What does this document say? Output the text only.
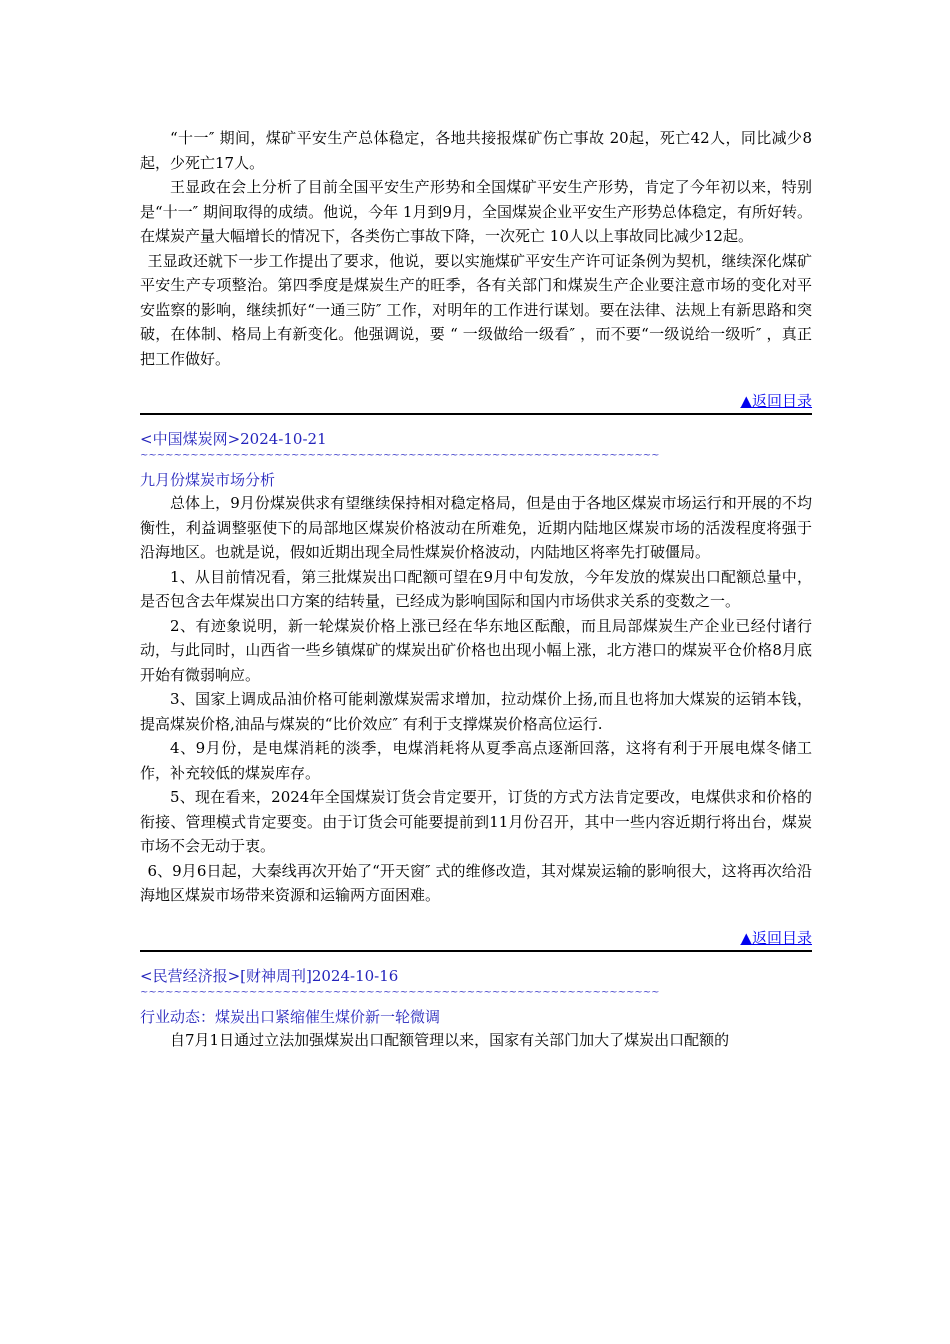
“十一″ 期间，煤矿平安生产总体稳定，各地共接报煤矿伤亡事故 20起，死亡42人，同比减少8起，少死亡17人。

王显政在会上分析了目前全国平安生产形势和全国煤矿平安生产形势，肯定了今年初以来，特别是“十一″ 期间取得的成绩。他说，今年 1月到9月，全国煤炭企业平安生产形势总体稳定，有所好转。在煤炭产量大幅增长的情况下，各类伤亡事故下降，一次死亡 10人以上事故同比减少12起。

王显政还就下一步工作提出了要求，他说，要以实施煤矿平安生产许可证条例为契机，继续深化煤矿平安生产专项整治。第四季度是煤炭生产的旺季，各有关部门和煤炭生产企业要注意市场的变化对平安监察的影响，继续抓好“一通三防″ 工作，对明年的工作进行谋划。要在法律、法规上有新思路和突破，在体制、格局上有新变化。他强调说，要 “ 一级做给一级看″ ，而不要“一级说给一级听″ ，真正把工作做好。

▲返回目录
<中国煤炭网>2024-10-21
~~~~~~~~~~~~~~~~~~~~~~~~~~~~~~~~~~~~~~~~~~~~~~~~~~~~~~~~~~~~~~
九月份煤炭市场分析

总体上，9月份煤炭供求有望继续保持相对稳定格局，但是由于各地区煤炭市场运行和开展的不均衡性，利益调整驱使下的局部地区煤炭价格波动在所难免，近期内陆地区煤炭市场的活泼程度将强于沿海地区。也就是说，假如近期出现全局性煤炭价格波动，内陆地区将率先打破僵局。

1、从目前情况看，第三批煤炭出口配额可望在9月中旬发放，今年发放的煤炭出口配额总量中，是否包含去年煤炭出口方案的结转量，已经成为影响国际和国内市场供求关系的变数之一。

2、有迹象说明，新一轮煤炭价格上涨已经在华东地区酝酿，而且局部煤炭生产企业已经付诸行动，与此同时，山西省一些乡镇煤矿的煤炭出矿价格也出现小幅上涨，北方港口的煤炭平仓价格8月底开始有微弱响应。

3、国家上调成品油价格可能刺激煤炭需求增加，拉动煤价上扬,而且也将加大煤炭的运销本钱，提高煤炭价格,油品与煤炭的“比价效应″ 有利于支撑煤炭价格高位运行.

4、9月份，是电煤消耗的淡季，电煤消耗将从夏季高点逐渐回落，这将有利于开展电煤冬储工作，补充较低的煤炭库存。

5、现在看来，2024年全国煤炭订货会肯定要开，订货的方式方法肯定要改，电煤供求和价格的衔接、管理模式肯定要变。由于订货会可能要提前到11月份召开，其中一些内容近期行将出台，煤炭市场不会无动于衷。

6、9月6日起，大秦线再次开始了“开天窗″ 式的维修改造，其对煤炭运输的影响很大，这将再次给沿海地区煤炭市场带来资源和运输两方面困难。

▲返回目录
<民营经济报>[财神周刊]2024-10-16
~~~~~~~~~~~~~~~~~~~~~~~~~~~~~~~~~~~~~~~~~~~~~~~~~~~~~~~~~~~~~~
行业动态：煤炭出口紧缩催生煤价新一轮微调

自7月1日通过立法加强煤炭出口配额管理以来，国家有关部门加大了煤炭出口配额的
